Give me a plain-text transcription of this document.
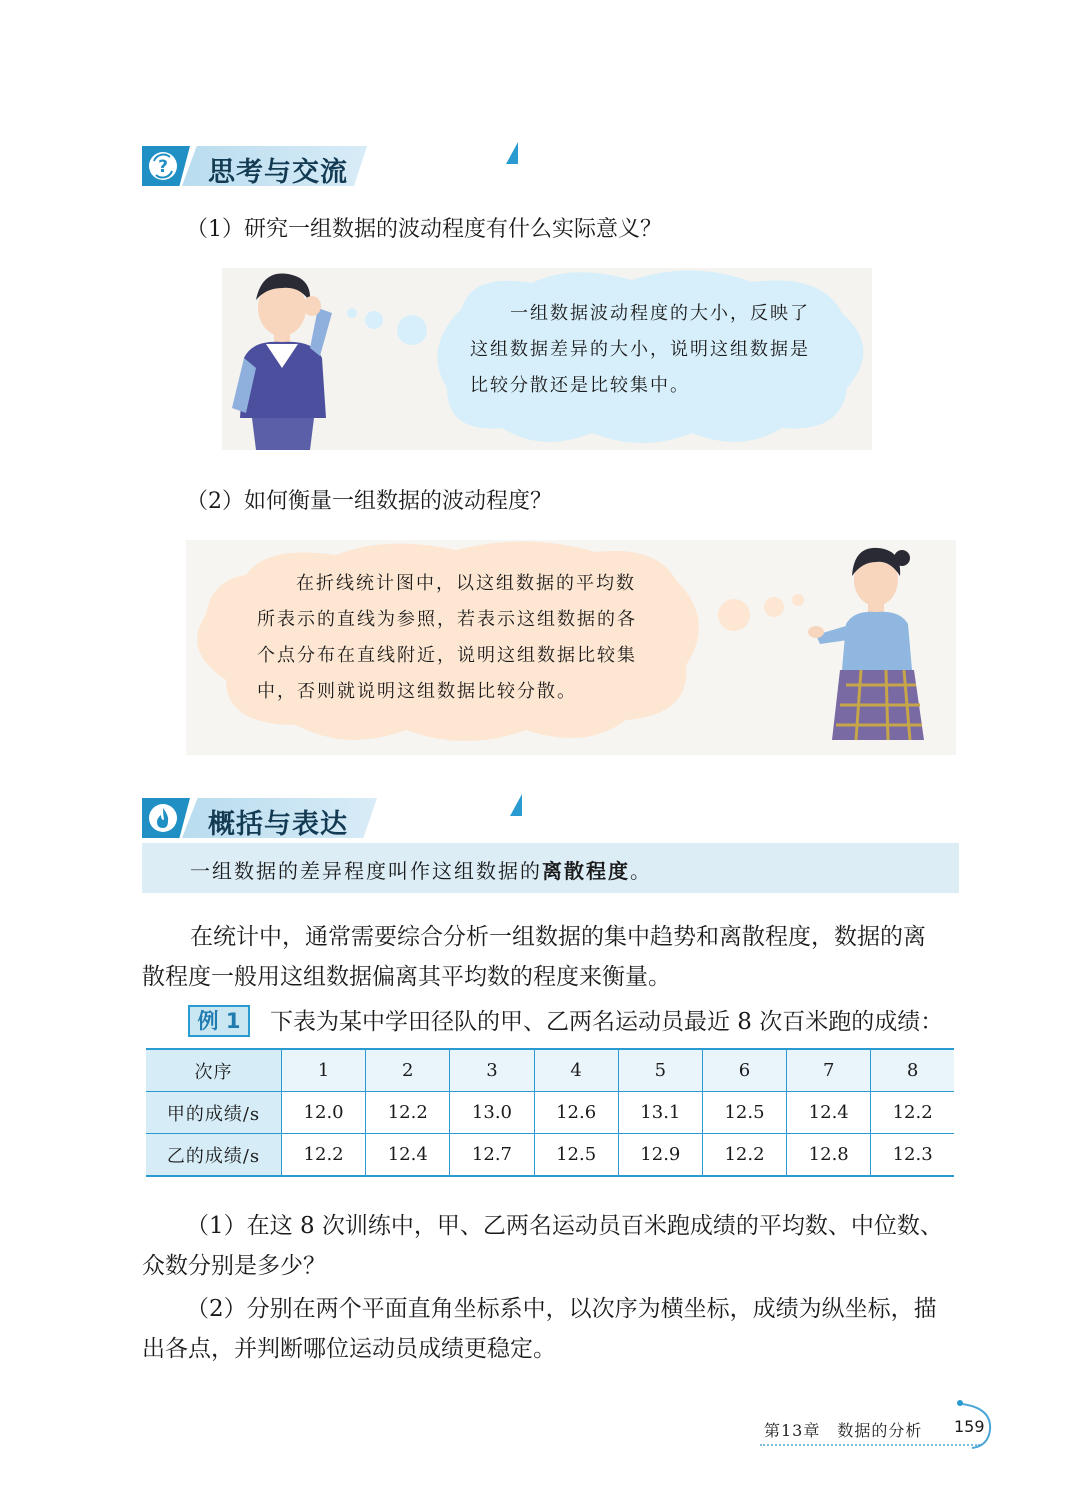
? 思考与交流
（1）研究一组数据的波动程度有什么实际意义？
一组数据波动程度的大小，反映了
这组数据差异的大小，说明这组数据是
比较分散还是比较集中。
（2）如何衡量一组数据的波动程度？
在折线统计图中，以这组数据的平均数
所表示的直线为参照，若表示这组数据的各
个点分布在直线附近，说明这组数据比较集
中，否则就说明这组数据比较分散。
概括与表达
一组数据的差异程度叫作这组数据的离散程度。
在统计中，通常需要综合分析一组数据的集中趋势和离散程度，数据的离
散程度一般用这组数据偏离其平均数的程度来衡量。
例 1	下表为某中学田径队的甲、乙两名运动员最近 8 次百米跑的成绩：
次序	1	2	3	4	5	6	7	8
甲的成绩/s	12.0	12.2	13.0	12.6	13.1	12.5	12.4	12.2
乙的成绩/s	12.2	12.4	12.7	12.5	12.9	12.2	12.8	12.3
（1）在这 8 次训练中，甲、乙两名运动员百米跑成绩的平均数、中位数、
众数分别是多少？
（2）分别在两个平面直角坐标系中，以次序为横坐标，成绩为纵坐标，描
出各点，并判断哪位运动员成绩更稳定。
第13章　数据的分析 159
